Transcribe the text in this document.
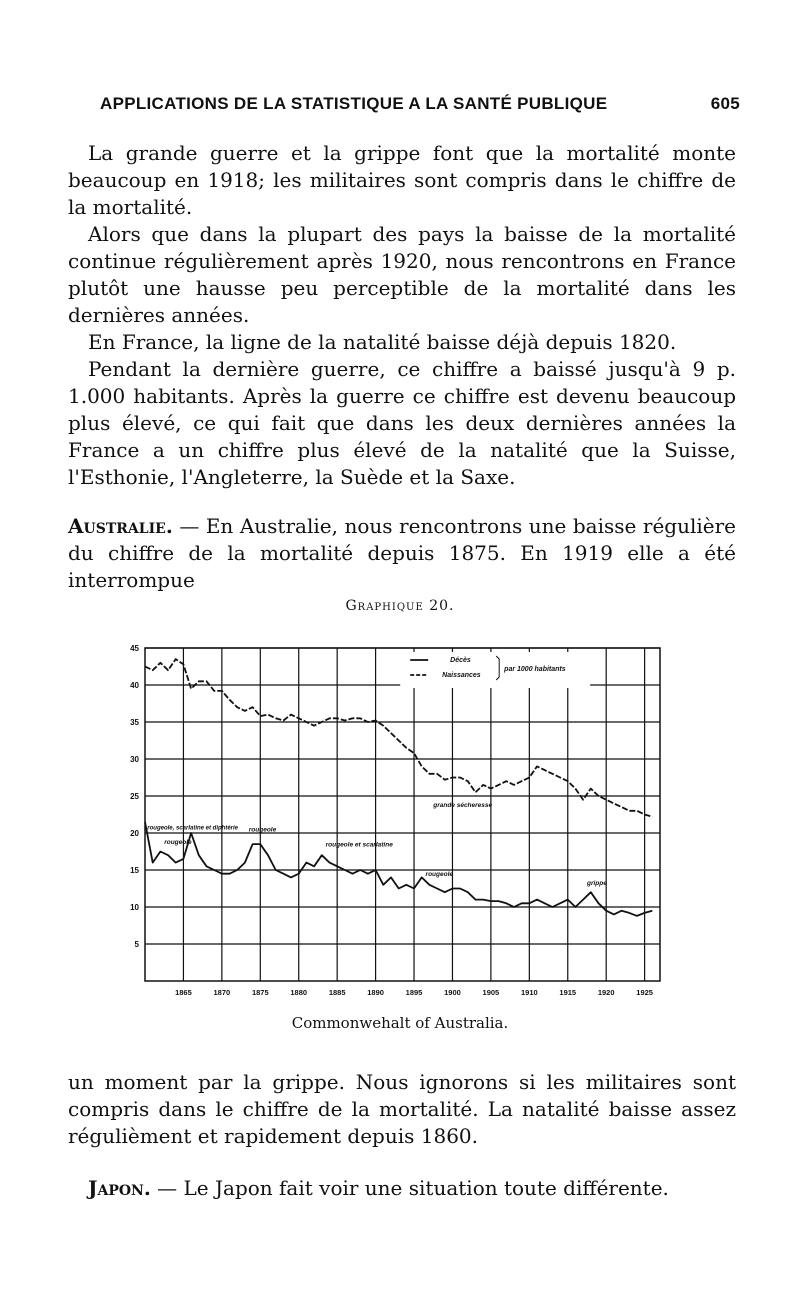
APPLICATIONS DE LA STATISTIQUE A LA SANTÉ PUBLIQUE	605
La grande guerre et la grippe font que la mortalité monte beaucoup en 1918; les militaires sont compris dans le chiffre de la mortalité.
Alors que dans la plupart des pays la baisse de la mortalité continue régulièrement après 1920, nous rencontrons en France plutôt une hausse peu perceptible de la mortalité dans les dernières années.
En France, la ligne de la natalité baisse déjà depuis 1820.
Pendant la dernière guerre, ce chiffre a baissé jusqu'à 9 p. 1.000 habitants. Après la guerre ce chiffre est devenu beaucoup plus élevé, ce qui fait que dans les deux dernières années la France a un chiffre plus élevé de la natalité que la Suisse, l'Esthonie, l'Angleterre, la Suède et la Saxe.
Australie. — En Australie, nous rencontrons une baisse régulière du chiffre de la mortalité depuis 1875. En 1919 elle a été interrompue
Graphique 20.
45
40
35
30
25
20
15
10
5
1865	1870	1875	1880	1885	1890	1895	1900	1905	1910	1915	1920	1925
Décès
Naissances
par 1000 habitants
rougeole, scarlatine et diphtérie
rougeole
rougeole
rougeole et scarlatine
rougeole
grande sécheresse
grippe
Commonwehalt of Australia.
un moment par la grippe. Nous ignorons si les militaires sont compris dans le chiffre de la mortalité. La natalité baisse assez régulièment et rapidement depuis 1860.
Japon. — Le Japon fait voir une situation toute différente.
